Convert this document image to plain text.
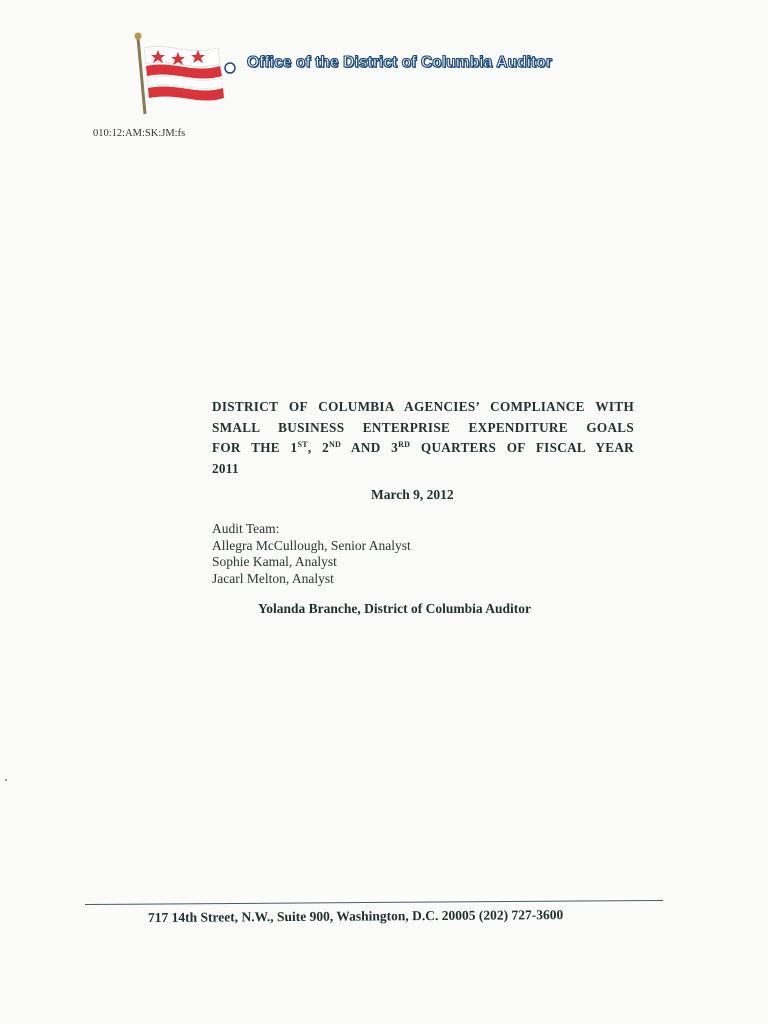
Office of the District of Columbia Auditor
010:12:AM:SK:JM:fs
DISTRICT OF COLUMBIA AGENCIES’ COMPLIANCE WITH
SMALL BUSINESS ENTERPRISE EXPENDITURE GOALS
FOR THE 1ST, 2ND AND 3RD QUARTERS OF FISCAL YEAR
2011
March 9, 2012
Audit Team:
Allegra McCullough, Senior Analyst
Sophie Kamal, Analyst
Jacarl Melton, Analyst
Yolanda Branche, District of Columbia Auditor
717 14th Street, N.W., Suite 900, Washington, D.C. 20005 (202) 727-3600
